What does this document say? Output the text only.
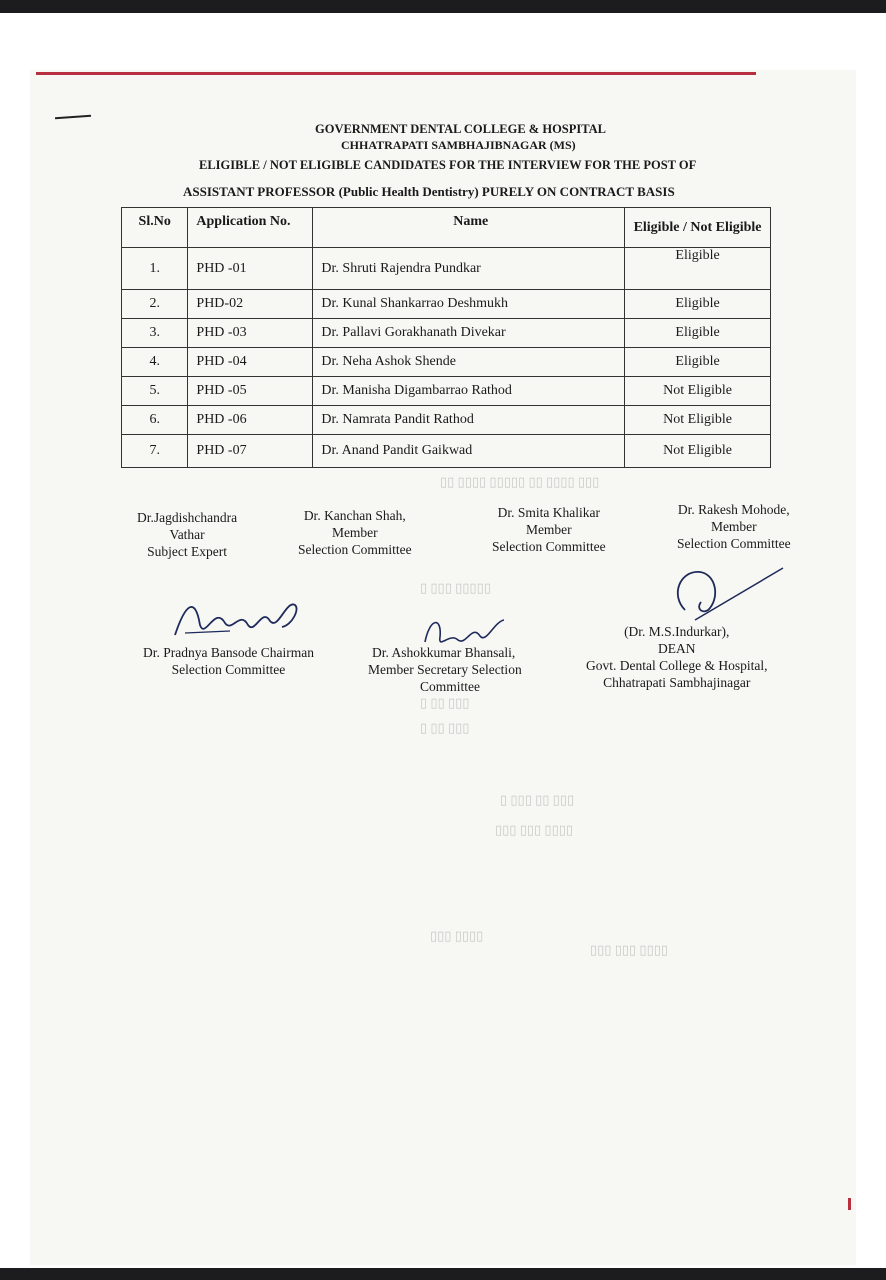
▯▯ ▯▯▯▯ ▯▯▯▯▯ ▯▯ ▯▯▯▯ ▯▯▯
▯ ▯▯▯ ▯▯▯▯▯
▯ ▯▯ ▯▯▯
▯ ▯▯ ▯▯▯
▯ ▯▯▯ ▯▯ ▯▯▯
▯▯▯ ▯▯▯ ▯▯▯▯
▯▯▯ ▯▯▯▯
▯▯▯ ▯▯▯ ▯▯▯▯
GOVERNMENT DENTAL COLLEGE & HOSPITAL
CHHATRAPATI SAMBHAJIBNAGAR (MS)
ELIGIBLE / NOT ELIGIBLE CANDIDATES FOR THE INTERVIEW FOR THE POST OF
ASSISTANT PROFESSOR (Public Health Dentistry) PURELY ON CONTRACT BASIS
Sl.No	Application No.	Name	Eligible / Not Eligible
1.	PHD -01	Dr. Shruti Rajendra Pundkar	Eligible
2.	PHD-02	Dr. Kunal Shankarrao Deshmukh	Eligible
3.	PHD -03	Dr. Pallavi Gorakhanath Divekar	Eligible
4.	PHD -04	Dr. Neha Ashok Shende	Eligible
5.	PHD -05	Dr. Manisha Digambarrao Rathod	Not Eligible
6.	PHD -06	Dr. Namrata Pandit Rathod	Not Eligible
7.	PHD -07	Dr. Anand Pandit Gaikwad	Not Eligible
Dr.Jagdishchandra
Vathar
Subject Expert
Dr. Kanchan Shah,
Member
Selection Committee
Dr. Smita Khalikar
Member
Selection Committee
Dr. Rakesh Mohode,
Member
Selection Committee
Dr. Pradnya Bansode Chairman
Selection Committee
Dr. Ashokkumar Bhansali,
Member Secretary Selection
Committee
(Dr. M.S.Indurkar),
DEAN
Govt. Dental College & Hospital,
Chhatrapati Sambhajinagar
